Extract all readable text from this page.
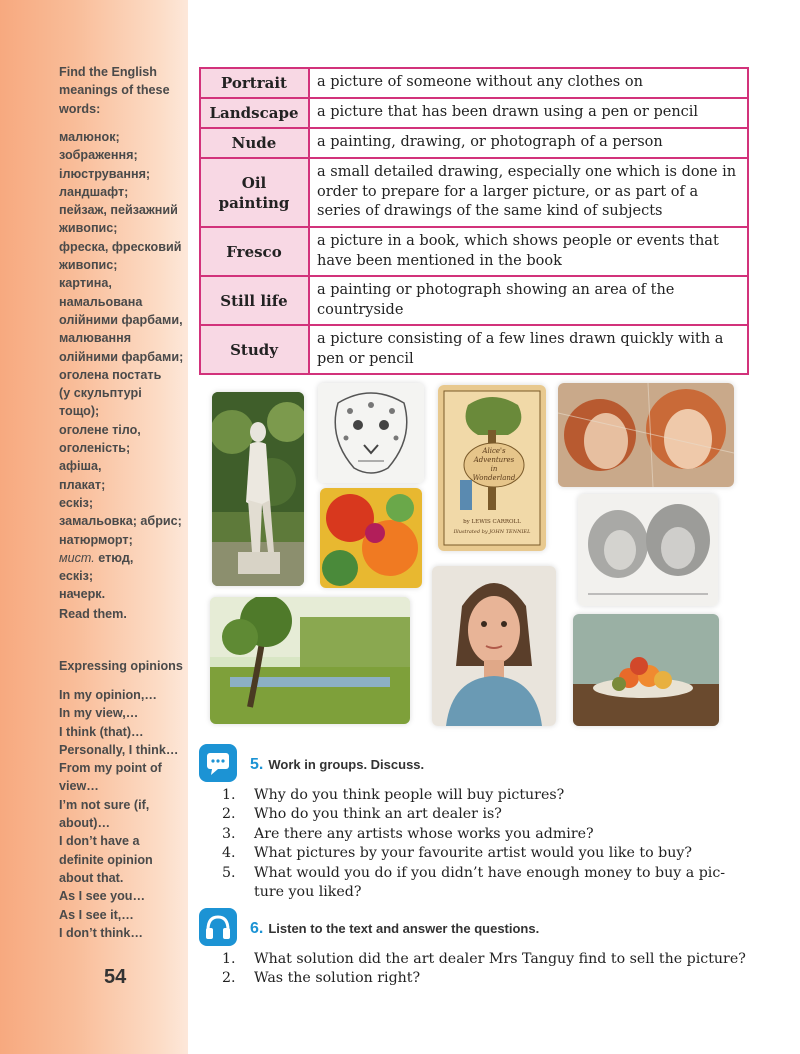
Find the English
meanings of these
words:
малюнок;
зображення;
ілюстрування;
ландшафт;
пейзаж, пейзажний
живопис;
фреска, фресковий
живопис;
картина,
намальована
олійними фарбами,
малювання
олійними фарбами;
оголена постать
(у скульптурі
тощо);
оголене тіло,
оголеність;
афіша,
плакат;
ескіз;
замальовка; абрис;
натюрморт;
мист. етюд,
ескіз;
начерк.
Read them.
Expressing opinions
In my opinion,…
In my view,…
I think (that)…
Personally, I think…
From my point of
view…
I’m not sure (if,
about)…
I don’t have a
definite opinion
about that.
As I see you…
As I see it,…
I don’t think…
54
Portrait	a picture of someone without any clothes on

Landscape	a picture that has been drawn using a pen or pencil

Nude	a painting, drawing, or photograph of a person

Oil
painting	a small detailed drawing, especially one which is done in order to prepare for a larger picture, or as part of a series of drawings of the same kind of subjects

Fresco	a picture in a book, which shows people or events that have been mentioned in the book

Still life	a painting or photograph showing an area of the countryside

Study	a picture consisting of a few lines drawn quickly with a pen or pencil
Alice's Adventures in Wonderland
by LEWIS CARROLL
Illustrated by JOHN TENNIEL
5. Work in groups. Discuss.
1.	Why do you think people will buy pictures?
2.	Who do you think an art dealer is?
3.	Are there any artists whose works you admire?
4.	What pictures by your favourite artist would you like to buy?
5.	What would you do if you didn’t have enough money to buy a pic-
ture you liked?
6. Listen to the text and answer the questions.
1.	What solution did the art dealer Mrs Tanguy find to sell the picture?
2.	Was the solution right?
